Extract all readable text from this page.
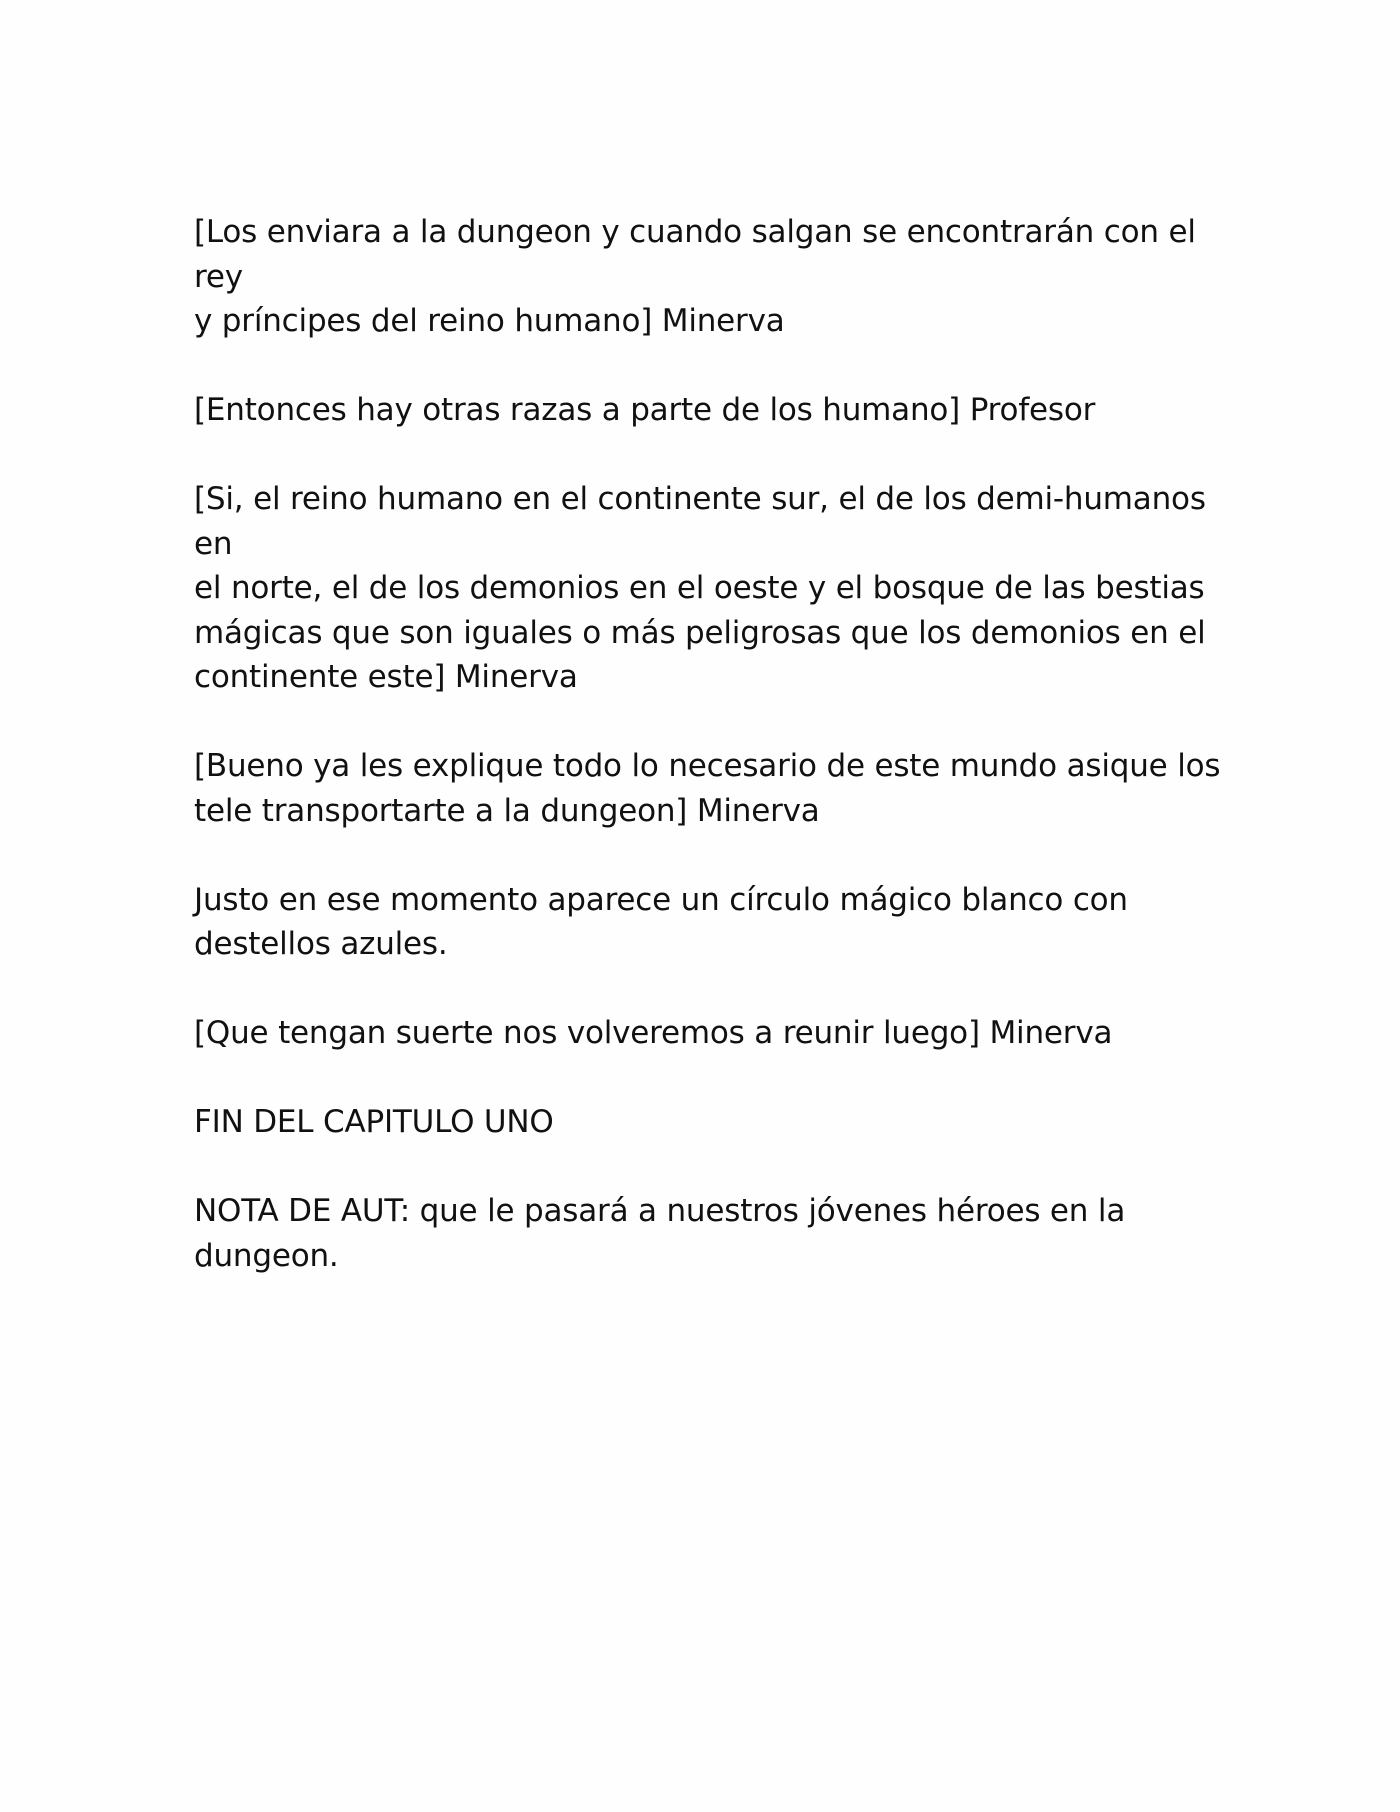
[Los enviara a la dungeon y cuando salgan se encontrarán con el rey
y príncipes del reino humano] Minerva

[Entonces hay otras razas a parte de los humano] Profesor

[Si, el reino humano en el continente sur, el de los demi-humanos en
el norte, el de los demonios en el oeste y el bosque de las bestias
mágicas que son iguales o más peligrosas que los demonios en el
continente este] Minerva

[Bueno ya les explique todo lo necesario de este mundo asique los
tele transportarte a la dungeon] Minerva

Justo en ese momento aparece un círculo mágico blanco con
destellos azules.

[Que tengan suerte nos volveremos a reunir luego] Minerva

FIN DEL CAPITULO UNO

NOTA DE AUT: que le pasará a nuestros jóvenes héroes en la
dungeon.
